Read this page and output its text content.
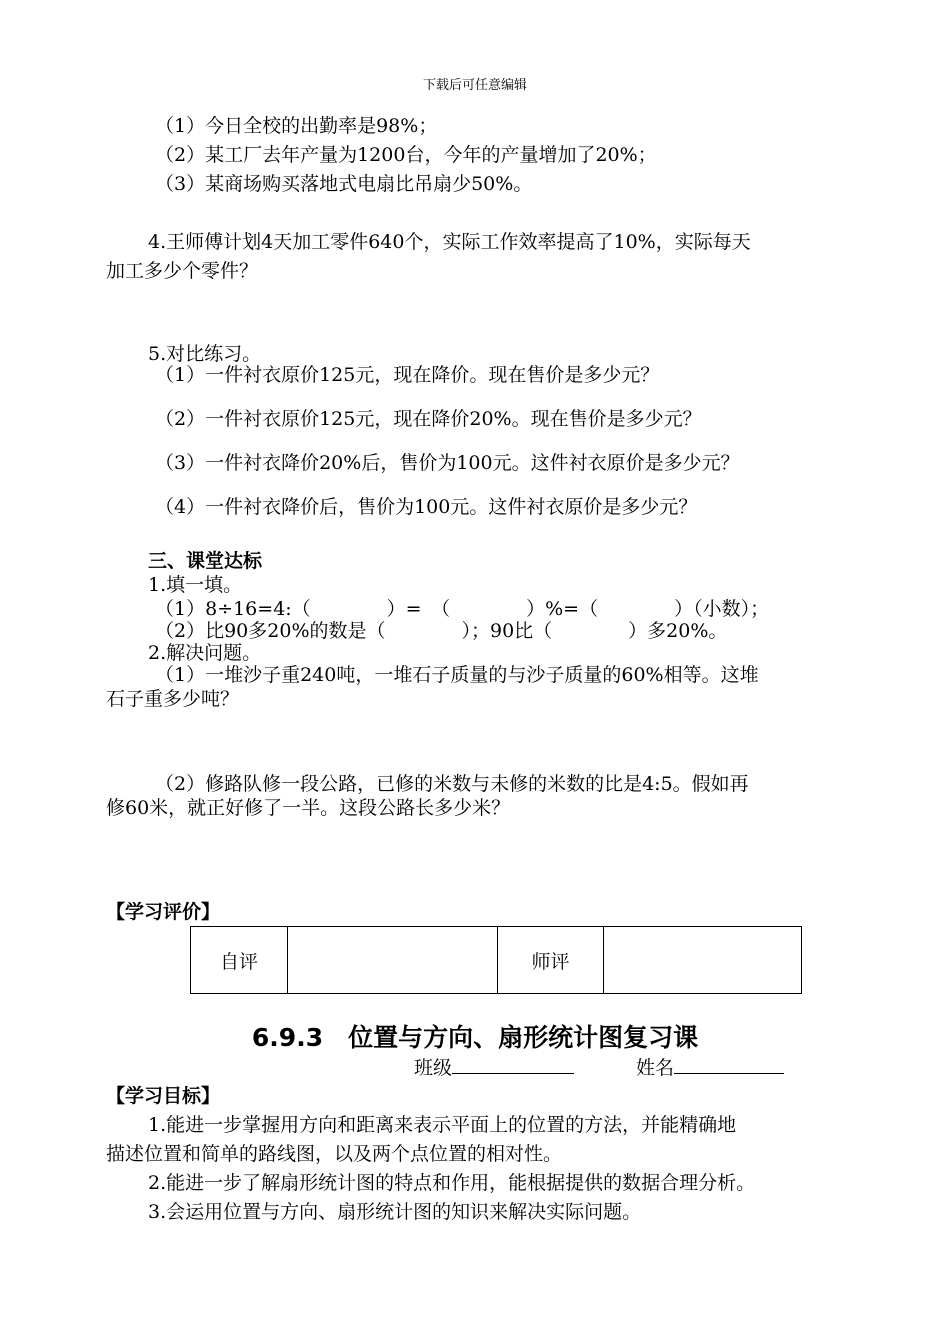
下载后可任意编辑

（1）今日全校的出勤率是98%；

（2）某工厂去年产量为1200台，今年的产量增加了20%；

（3）某商场购买落地式电扇比吊扇少50%。

4.王师傅计划4天加工零件640个，实际工作效率提高了10%，实际每天

加工多少个零件？

5.对比练习。

（1）一件衬衣原价125元，现在降价。现在售价是多少元？

（2）一件衬衣原价125元，现在降价20%。现在售价是多少元？

（3）一件衬衣降价20%后，售价为100元。这件衬衣原价是多少元？

（4）一件衬衣降价后，售价为100元。这件衬衣原价是多少元？

三、课堂达标

1.填一填。

（1）8÷16=4:（　　　　）=　（　　　　）%=（　　　　）（小数）；

（2）比90多20%的数是（　　　　）；90比（　　　　）多20%。

2.解决问题。

（1）一堆沙子重240吨，一堆石子质量的与沙子质量的60%相等。这堆

石子重多少吨？

（2）修路队修一段公路，已修的米数与未修的米数的比是4:5。假如再

修60米，就正好修了一半。这段公路长多少米？

【学习评价】

自评		师评	
6.9.3　位置与方向、扇形统计图复习课
班级	姓名

【学习目标】

1.能进一步掌握用方向和距离来表示平面上的位置的方法，并能精确地

描述位置和简单的路线图，以及两个点位置的相对性。

2.能进一步了解扇形统计图的特点和作用，能根据提供的数据合理分析。

3.会运用位置与方向、扇形统计图的知识来解决实际问题。
